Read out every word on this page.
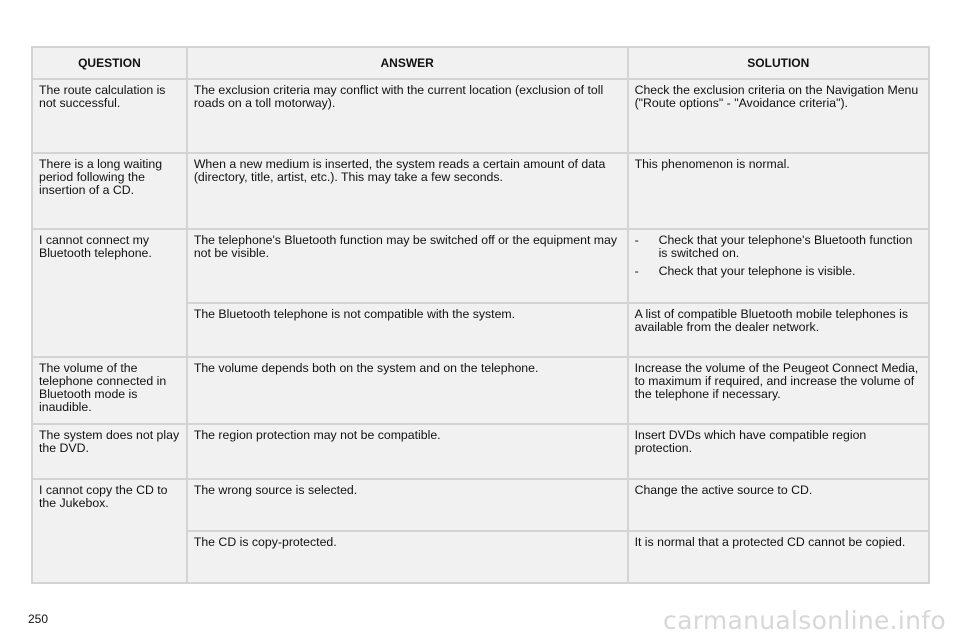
QUESTION	ANSWER	SOLUTION
The route calculation is not successful.	The exclusion criteria may conflict with the current location (exclusion of toll roads on a toll motorway).	Check the exclusion criteria on the Navigation Menu ("Route options" - "Avoidance criteria").
There is a long waiting period following the insertion of a CD.	When a new medium is inserted, the system reads a certain amount of data (directory, title, artist, etc.). This may take a few seconds.	This phenomenon is normal.
I cannot connect my Bluetooth telephone.	The telephone's Bluetooth function may be switched off or the equipment may not be visible.	- Check that your telephone's Bluetooth function is switched on.
- Check that your telephone is visible.

	The Bluetooth telephone is not compatible with the system.	A list of compatible Bluetooth mobile telephones is available from the dealer network.
The volume of the telephone connected in Bluetooth mode is inaudible.	The volume depends both on the system and on the telephone.	Increase the volume of the Peugeot Connect Media, to maximum if required, and increase the volume of the telephone if necessary.
The system does not play the DVD.	The region protection may not be compatible.	Insert DVDs which have compatible region protection.
I cannot copy the CD to the Jukebox.	The wrong source is selected.	Change the active source to CD.
	The CD is copy-protected.	It is normal that a protected CD cannot be copied.
250	carmanualsonline.info
